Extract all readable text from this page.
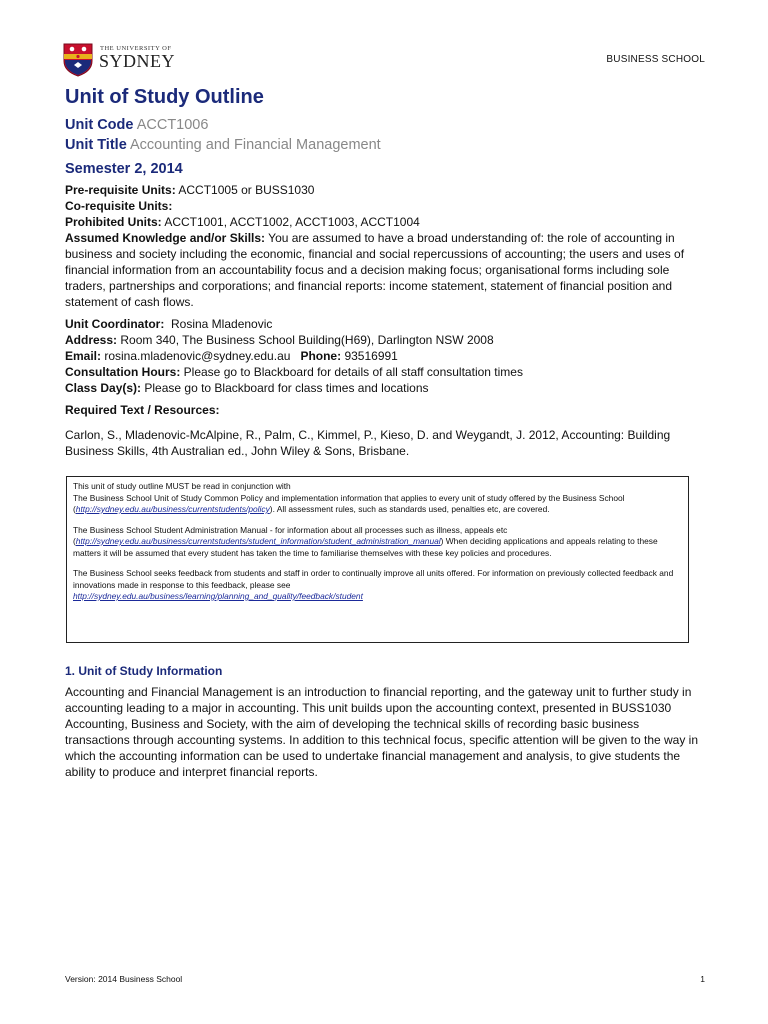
THE UNIVERSITY OF
SYDNEY	BUSINESS SCHOOL
Unit of Study Outline
Unit Code ACCT1006
Unit Title Accounting and Financial Management
Semester 2, 2014

Pre-requisite Units: ACCT1005 or BUSS1030

Co-requisite Units:

Prohibited Units: ACCT1001, ACCT1002, ACCT1003, ACCT1004

Assumed Knowledge and/or Skills: You are assumed to have a broad understanding of: the role of accounting in business and society including the economic, financial and social repercussions of accounting; the users and uses of financial information from an accountability focus and a decision making focus; organisational forms including sole traders, partnerships and corporations; and financial reports: income statement, statement of financial position and statement of cash flows.

Unit Coordinator:  Rosina Mladenovic

Address: Room 340, The Business School Building(H69), Darlington NSW 2008

Email: rosina.mladenovic@sydney.edu.au Phone: 93516991

Consultation Hours: Please go to Blackboard for details of all staff consultation times

Class Day(s): Please go to Blackboard for class times and locations

Required Text / Resources:

Carlon, S., Mladenovic-McAlpine, R., Palm, C., Kimmel, P., Kieso, D. and Weygandt, J. 2012, Accounting: Building Business Skills, 4th Australian ed., John Wiley & Sons, Brisbane.

This unit of study outline MUST be read in conjunction with
The Business School Unit of Study Common Policy and implementation information that applies to every unit of study offered by the Business School (http://sydney.edu.au/business/currentstudents/policy). All assessment rules, such as standards used, penalties etc, are covered.

The Business School Student Administration Manual - for information about all processes such as illness, appeals etc (http://sydney.edu.au/business/currentstudents/student_information/student_administration_manual) When deciding applications and appeals relating to these matters it will be assumed that every student has taken the time to familiarise themselves with these key policies and procedures.

The Business School seeks feedback from students and staff in order to continually improve all units offered. For information on previously collected feedback and innovations made in response to this feedback, please see
http://sydney.edu.au/business/learning/planning_and_quality/feedback/student

1. Unit of Study Information
Accounting and Financial Management is an introduction to financial reporting, and the gateway unit to further study in accounting leading to a major in accounting. This unit builds upon the accounting context, presented in BUSS1030 Accounting, Business and Society, with the aim of developing the technical skills of recording basic business transactions through accounting systems. In addition to this technical focus, specific attention will be given to the way in which the accounting information can be used to undertake financial management and analysis, to give students the ability to produce and interpret financial reports.
Version: 2014 Business School	1
